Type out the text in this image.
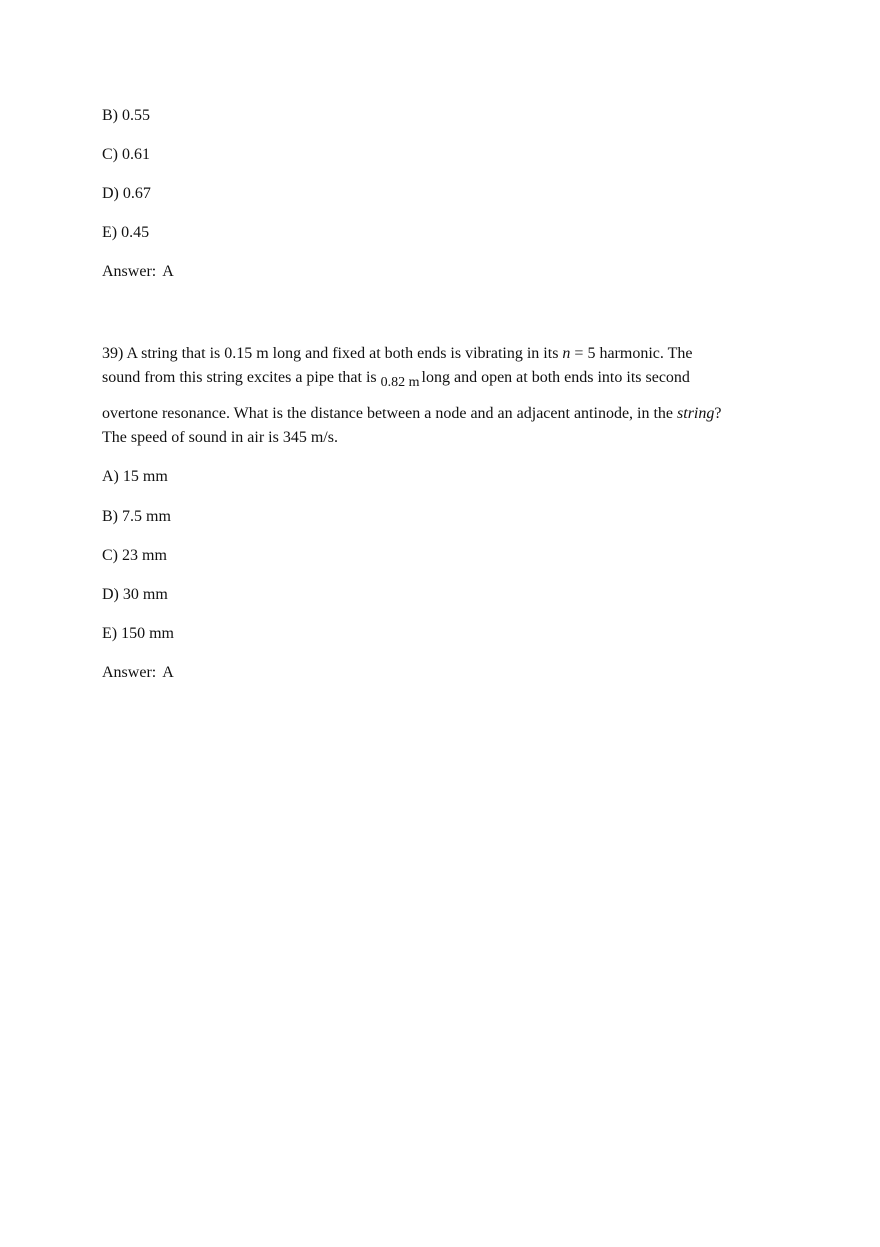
B) 0.55
C) 0.61
D) 0.67
E) 0.45
Answer: A
39) A string that is 0.15 m long and fixed at both ends is vibrating in its n = 5 harmonic. The
sound from this string excites a pipe that is 0.82 m long and open at both ends into its second
overtone resonance. What is the distance between a node and an adjacent antinode, in the string?
The speed of sound in air is 345 m/s.
A) 15 mm
B) 7.5 mm
C) 23 mm
D) 30 mm
E) 150 mm
Answer: A
